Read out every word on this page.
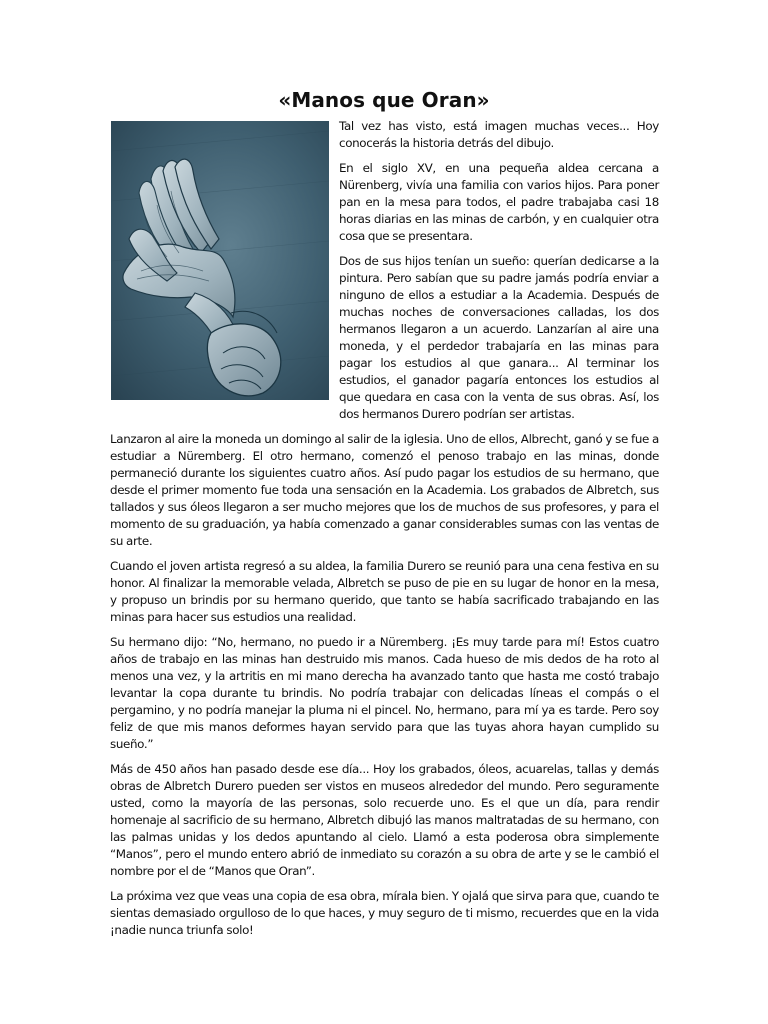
«Manos que Oran»

Tal vez has visto, está imagen muchas veces... Hoy conocerás la historia detrás del dibujo.

En el siglo XV, en una pequeña aldea cercana a Nürenberg, vivía una familia con varios hijos. Para poner pan en la mesa para todos, el padre trabajaba casi 18 horas diarias en las minas de carbón, y en cualquier otra cosa que se presentara.

Dos de sus hijos tenían un sueño: querían dedicarse a la pintura. Pero sabían que su padre jamás podría enviar a ninguno de ellos a estudiar a la Academia. Después de muchas noches de conversaciones calladas, los dos hermanos llegaron a un acuerdo. Lanzarían al aire una moneda, y el perdedor trabajaría en las minas para pagar los estudios al que ganara... Al terminar los estudios, el ganador pagaría entonces los estudios al que quedara en casa con la venta de sus obras. Así, los dos hermanos Durero podrían ser artistas.

Lanzaron al aire la moneda un domingo al salir de la iglesia. Uno de ellos, Albrecht, ganó y se fue a estudiar a Nüremberg. El otro hermano, comenzó el penoso trabajo en las minas, donde permaneció durante los siguientes cuatro años. Así pudo pagar los estudios de su hermano, que desde el primer momento fue toda una sensación en la Academia. Los grabados de Albretch, sus tallados y sus óleos llegaron a ser mucho mejores que los de muchos de sus profesores, y para el momento de su graduación, ya había comenzado a ganar considerables sumas con las ventas de su arte.

Cuando el joven artista regresó a su aldea, la familia Durero se reunió para una cena festiva en su honor. Al finalizar la memorable velada, Albretch se puso de pie en su lugar de honor en la mesa, y propuso un brindis por su hermano querido, que tanto se había sacrificado trabajando en las minas para hacer sus estudios una realidad.

Su hermano dijo: “No, hermano, no puedo ir a Nüremberg. ¡Es muy tarde para mí! Estos cuatro años de trabajo en las minas han destruido mis manos. Cada hueso de mis dedos de ha roto al menos una vez, y la artritis en mi mano derecha ha avanzado tanto que hasta me costó trabajo levantar la copa durante tu brindis. No podría trabajar con delicadas líneas el compás o el pergamino, y no podría manejar la pluma ni el pincel. No, hermano, para mí ya es tarde. Pero soy feliz de que mis manos deformes hayan servido para que las tuyas ahora hayan cumplido su sueño.”

Más de 450 años han pasado desde ese día... Hoy los grabados, óleos, acuarelas, tallas y demás obras de Albretch Durero pueden ser vistos en museos alrededor del mundo. Pero seguramente usted, como la mayoría de las personas, solo recuerde uno. Es el que un día, para rendir homenaje al sacrificio de su hermano, Albretch dibujó las manos maltratadas de su hermano, con las palmas unidas y los dedos apuntando al cielo. Llamó a esta poderosa obra simplemente “Manos”, pero el mundo entero abrió de inmediato su corazón a su obra de arte y se le cambió el nombre por el de “Manos que Oran”.

La próxima vez que veas una copia de esa obra, mírala bien. Y ojalá que sirva para que, cuando te sientas demasiado orgulloso de lo que haces, y muy seguro de ti mismo, recuerdes que en la vida ¡nadie nunca triunfa solo!
